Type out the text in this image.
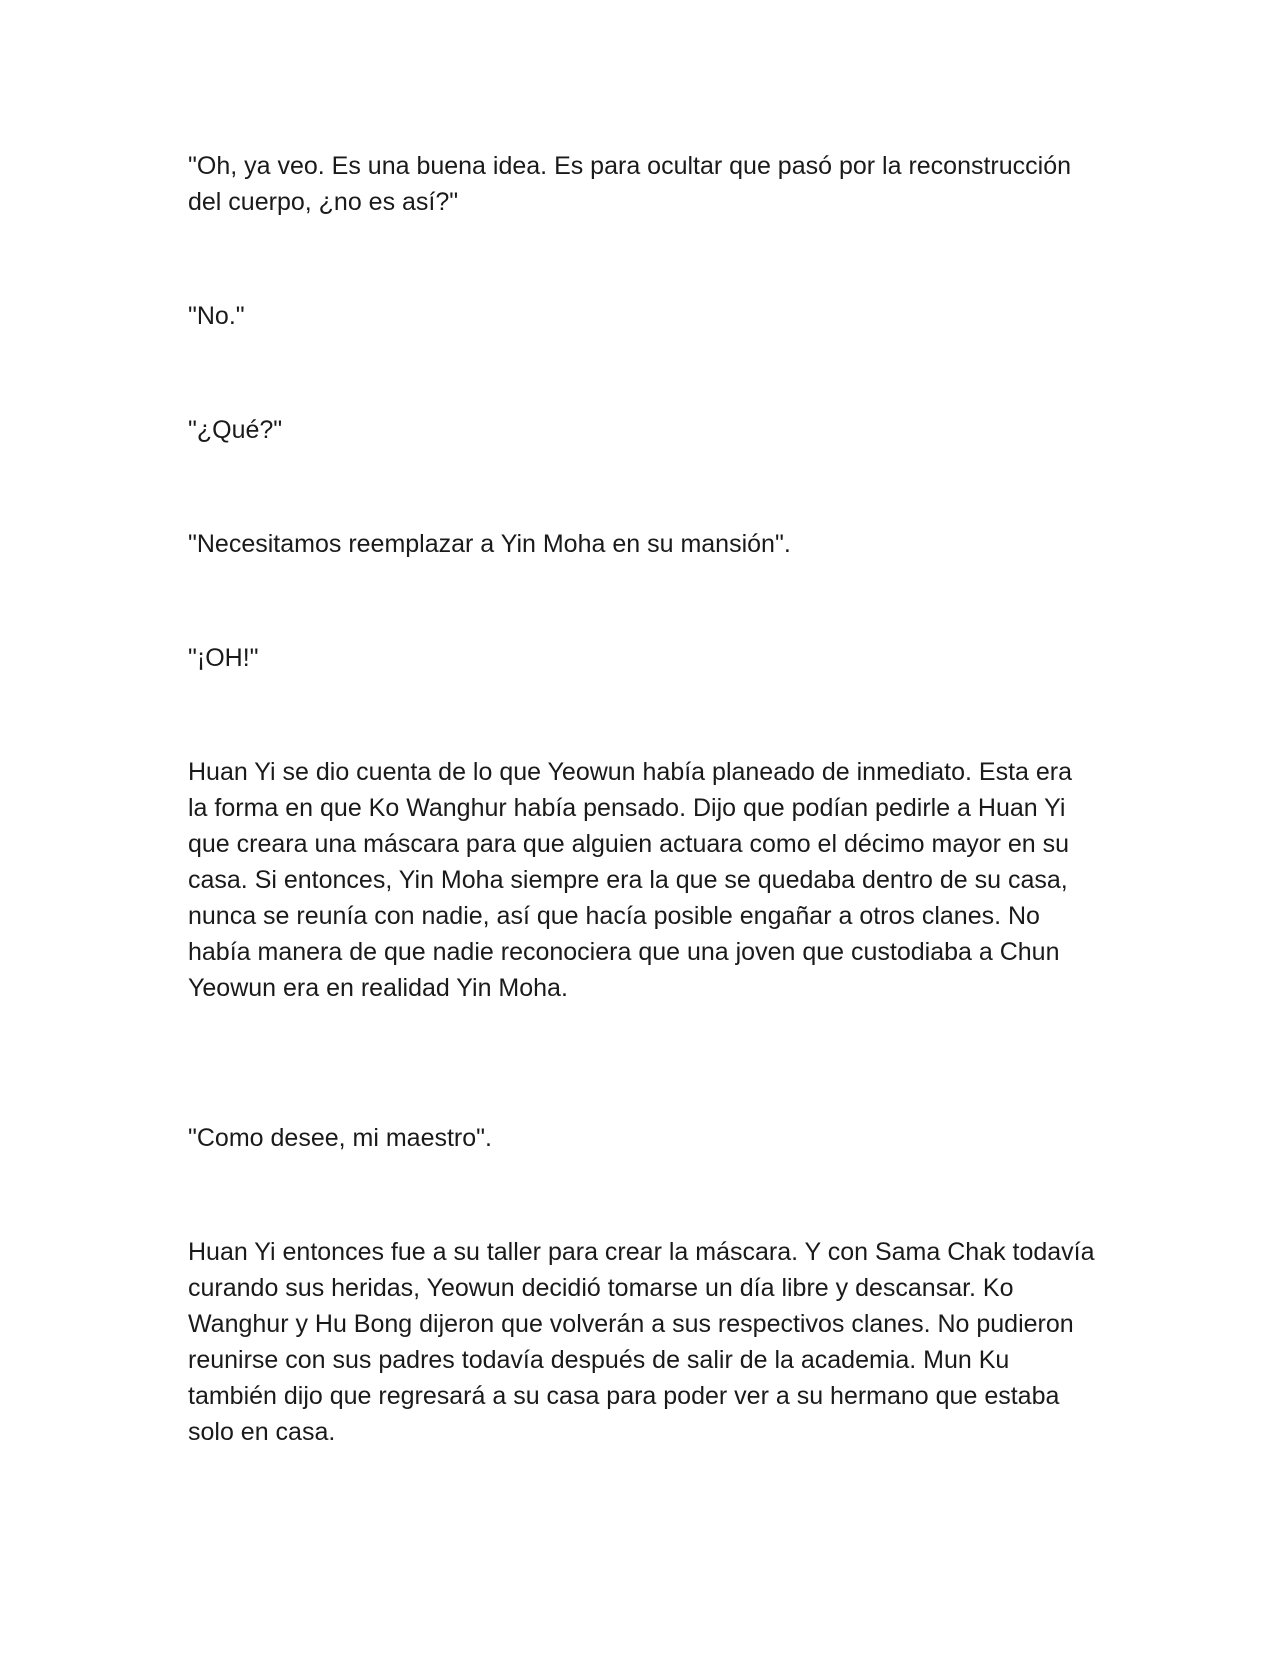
"Oh, ya veo. Es una buena idea. Es para ocultar que pasó por la reconstrucción del cuerpo, ¿no es así?"

"No."

"¿Qué?"

"Necesitamos reemplazar a Yin Moha en su mansión".

"¡OH!"

Huan Yi se dio cuenta de lo que Yeowun había planeado de inmediato. Esta era la forma en que Ko Wanghur había pensado. Dijo que podían pedirle a Huan Yi que creara una máscara para que alguien actuara como el décimo mayor en su casa. Si entonces, Yin Moha siempre era la que se quedaba dentro de su casa, nunca se reunía con nadie, así que hacía posible engañar a otros clanes. No había manera de que nadie reconociera que una joven que custodiaba a Chun Yeowun era en realidad Yin Moha.

"Como desee, mi maestro".

Huan Yi entonces fue a su taller para crear la máscara. Y con Sama Chak todavía curando sus heridas, Yeowun decidió tomarse un día libre y descansar. Ko Wanghur y Hu Bong dijeron que volverán a sus respectivos clanes. No pudieron reunirse con sus padres todavía después de salir de la academia. Mun Ku también dijo que regresará a su casa para poder ver a su hermano que estaba solo en casa.
